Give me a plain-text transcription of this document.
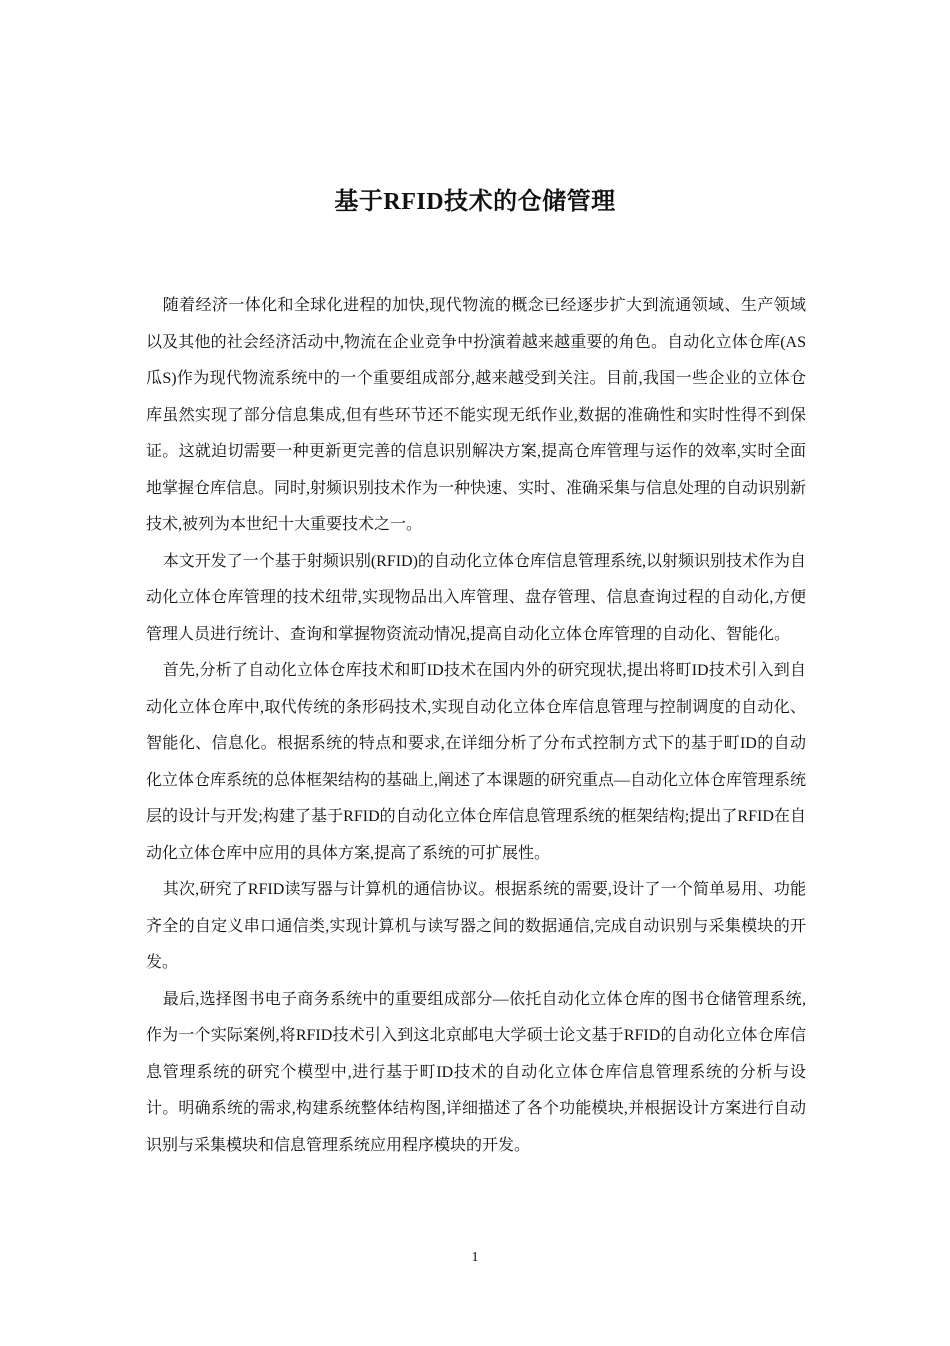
基于RFID技术的仓储管理

随着经济一体化和全球化进程的加快,现代物流的概念已经逐步扩大到流通领域、生产领域以及其他的社会经济活动中,物流在企业竞争中扮演着越来越重要的角色。自动化立体仓库(AS瓜S)作为现代物流系统中的一个重要组成部分,越来越受到关注。目前,我国一些企业的立体仓库虽然实现了部分信息集成,但有些环节还不能实现无纸作业,数据的准确性和实时性得不到保证。这就迫切需要一种更新更完善的信息识别解决方案,提高仓库管理与运作的效率,实时全面地掌握仓库信息。同时,射频识别技术作为一种快速、实时、准确采集与信息处理的自动识别新技术,被列为本世纪十大重要技术之一。

本文开发了一个基于射频识别(RFID)的自动化立体仓库信息管理系统,以射频识别技术作为自动化立体仓库管理的技术纽带,实现物品出入库管理、盘存管理、信息查询过程的自动化,方便管理人员进行统计、查询和掌握物资流动情况,提高自动化立体仓库管理的自动化、智能化。

首先,分析了自动化立体仓库技术和町ID技术在国内外的研究现状,提出将町ID技术引入到自动化立体仓库中,取代传统的条形码技术,实现自动化立体仓库信息管理与控制调度的自动化、智能化、信息化。根据系统的特点和要求,在详细分析了分布式控制方式下的基于町ID的自动化立体仓库系统的总体框架结构的基础上,阐述了本课题的研究重点—自动化立体仓库管理系统层的设计与开发;构建了基于RFID的自动化立体仓库信息管理系统的框架结构;提出了RFID在自动化立体仓库中应用的具体方案,提高了系统的可扩展性。

其次,研究了RFID读写器与计算机的通信协议。根据系统的需要,设计了一个简单易用、功能齐全的自定义串口通信类,实现计算机与读写器之间的数据通信,完成自动识别与采集模块的开发。

最后,选择图书电子商务系统中的重要组成部分—依托自动化立体仓库的图书仓储管理系统,作为一个实际案例,将RFID技术引入到这北京邮电大学硕士论文基于RFID的自动化立体仓库信息管理系统的研究个模型中,进行基于町ID技术的自动化立体仓库信息管理系统的分析与设计。明确系统的需求,构建系统整体结构图,详细描述了各个功能模块,并根据设计方案进行自动识别与采集模块和信息管理系统应用程序模块的开发。

1
